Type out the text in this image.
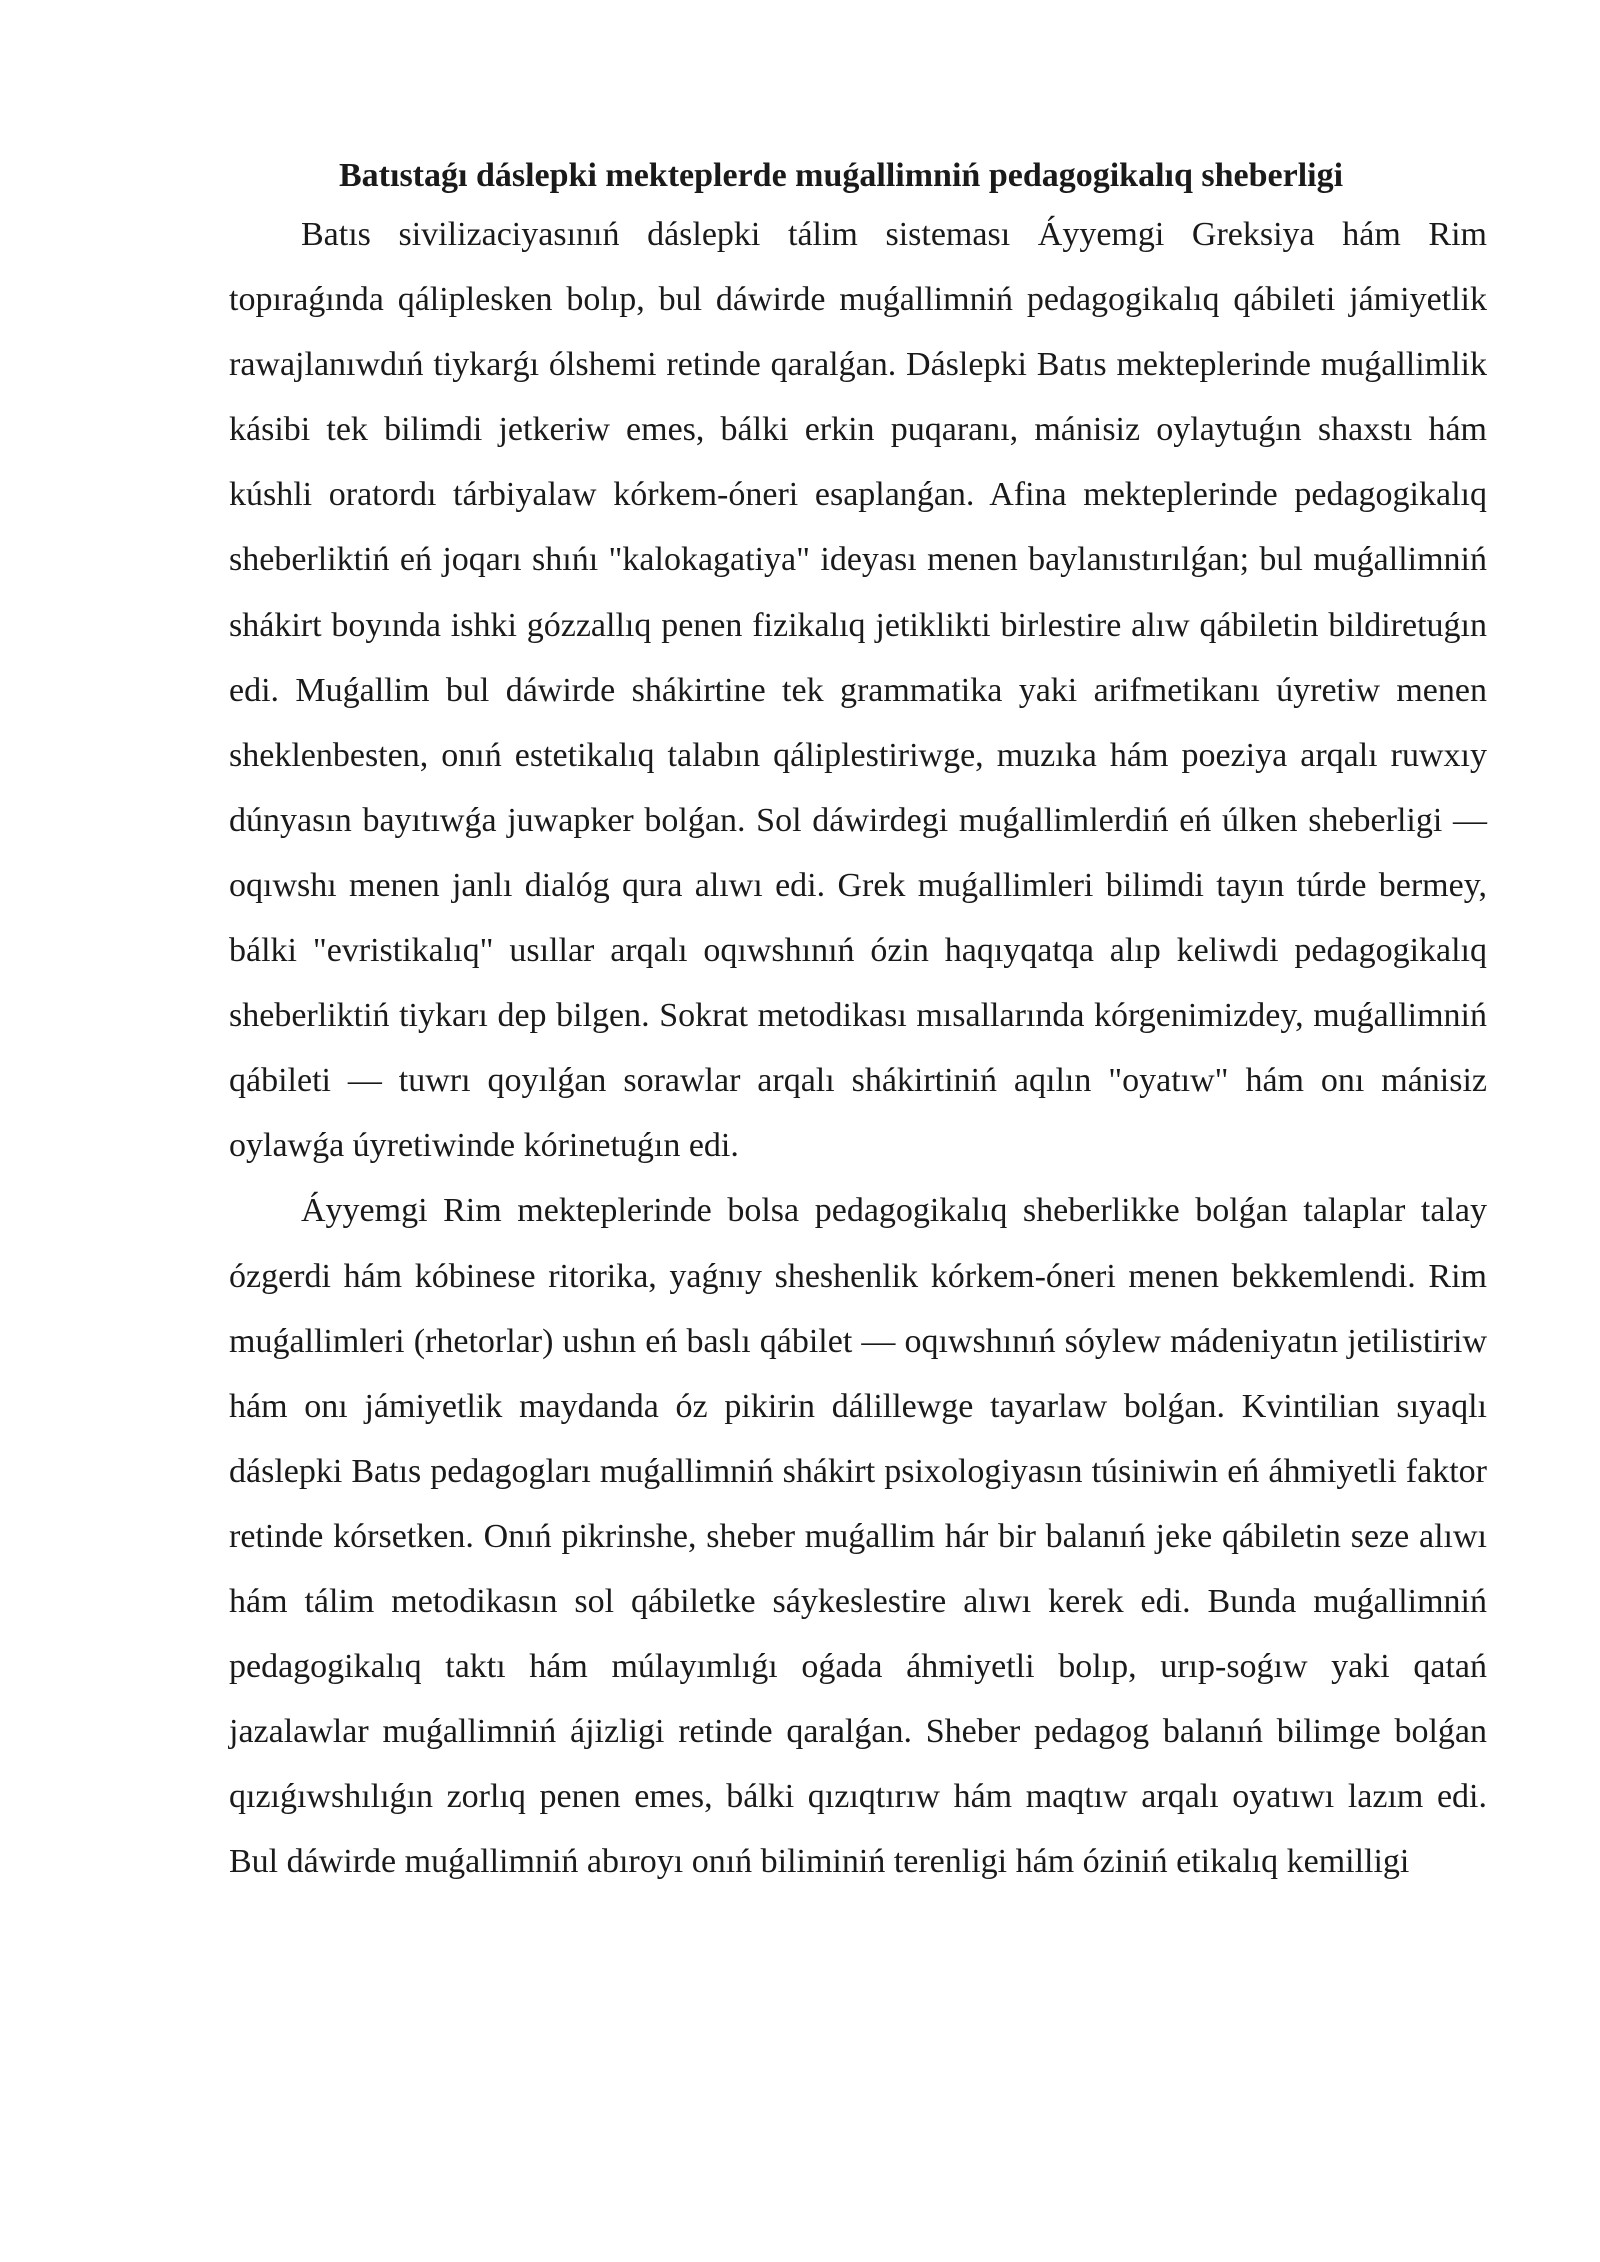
Batıstaǵı dáslepki mekteplerde muǵallimniń pedagogikalıq sheberligi

Batıs sivilizaciyasınıń dáslepki tálim sisteması Áyyemgi Greksiya hám Rim topıraǵında qáliplesken bolıp, bul dáwirde muǵallimniń pedagogikalıq qábileti jámiyetlik rawajlanıwdıń tiykarǵı ólshemi retinde qaralǵan. Dáslepki Batıs mekteplerinde muǵallimlik kásibi tek bilimdi jetkeriw emes, bálki erkin puqaranı, mánisiz oylaytuǵın shaxstı hám kúshli oratordı tárbiyalaw kórkem-óneri esaplanǵan. Afina mekteplerinde pedagogikalıq sheberliktiń eń joqarı shıńı "kalokagatiya" ideyası menen baylanıstırılǵan; bul muǵallimniń shákirt boyında ishki gózzallıq penen fizikalıq jetiklikti birlestire alıw qábiletin bildiretuǵın edi. Muǵallim bul dáwirde shákirtine tek grammatika yaki arifmetikanı úyretiw menen sheklenbesten, onıń estetikalıq talabın qáliplestiriwge, muzıka hám poeziya arqalı ruwxıy dúnyasın bayıtıwǵa juwapker bolǵan. Sol dáwirdegi muǵallimlerdiń eń úlken sheberligi — oqıwshı menen janlı dialóg qura alıwı edi. Grek muǵallimleri bilimdi tayın túrde bermey, bálki "evristikalıq" usıllar arqalı oqıwshınıń ózin haqıyqatqa alıp keliwdi pedagogikalıq sheberliktiń tiykarı dep bilgen. Sokrat metodikası mısallarında kórgenimizdey, muǵallimniń qábileti — tuwrı qoyılǵan sorawlar arqalı shákirtiniń aqılın "oyatıw" hám onı mánisiz oylawǵa úyretiwinde kórinetuǵın edi.

Áyyemgi Rim mekteplerinde bolsa pedagogikalıq sheberlikke bolǵan talaplar talay ózgerdi hám kóbinese ritorika, yaǵnıy sheshenlik kórkem-óneri menen bekkemlendi. Rim muǵallimleri (rhetorlar) ushın eń baslı qábilet — oqıwshınıń sóylew mádeniyatın jetilistiriw hám onı jámiyetlik maydanda óz pikirin dálillewge tayarlaw bolǵan. Kvintilian sıyaqlı dáslepki Batıs pedagogları muǵallimniń shákirt psixologiyasın túsiniwin eń áhmiyetli faktor retinde kórsetken. Onıń pikrinshe, sheber muǵallim hár bir balanıń jeke qábiletin seze alıwı hám tálim metodikasın sol qábiletke sáykeslestire alıwı kerek edi. Bunda muǵallimniń pedagogikalıq taktı hám múlayımlıǵı oǵada áhmiyetli bolıp, urıp-soǵıw yaki qatań jazalawlar muǵallimniń ájizligi retinde qaralǵan. Sheber pedagog balanıń bilimge bolǵan qızıǵıwshılıǵın zorlıq penen emes, bálki qızıqtırıw hám maqtıw arqalı oyatıwı lazım edi. Bul dáwirde muǵallimniń abıroyı onıń biliminiń terenligi hám óziniń etikalıq kemilligi
